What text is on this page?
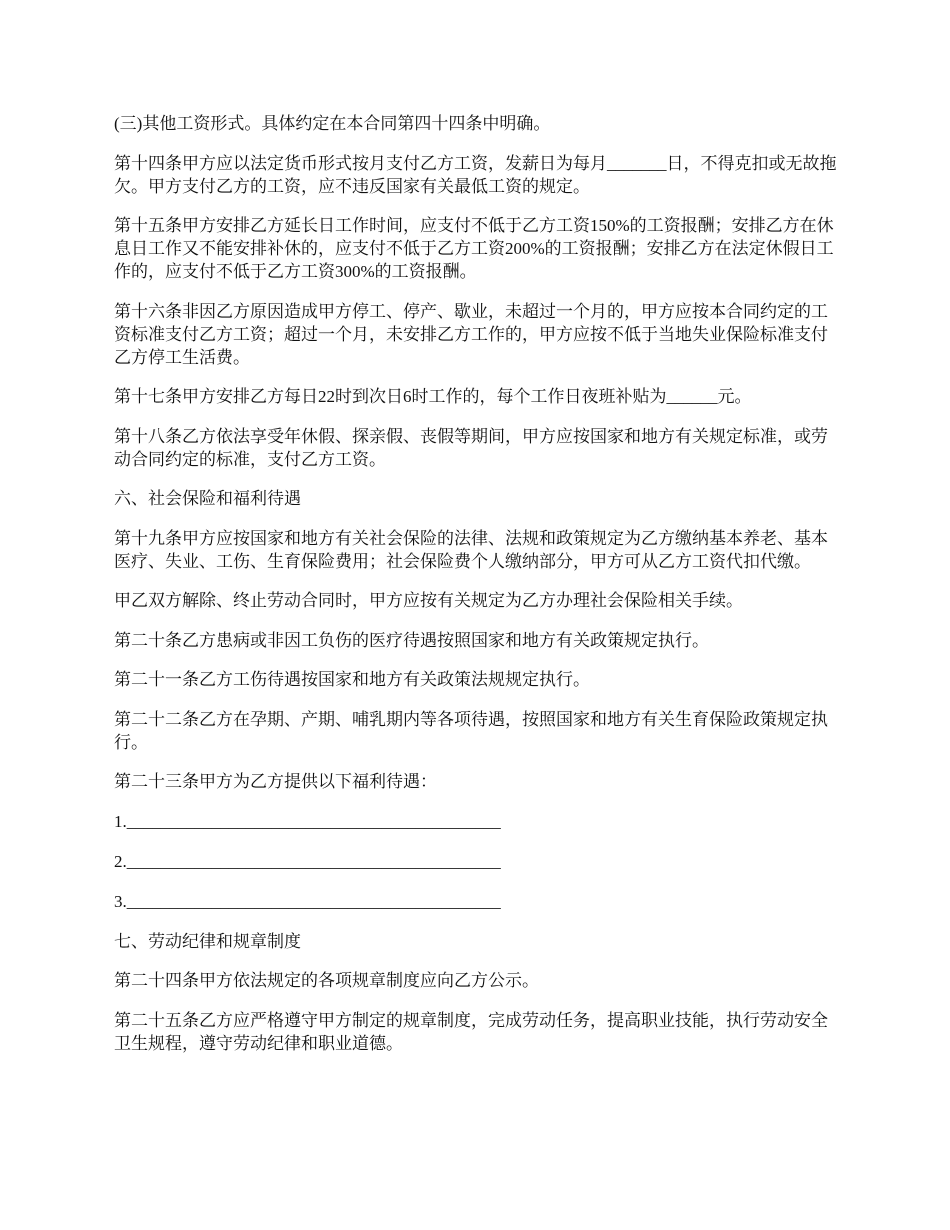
(三)其他工资形式。具体约定在本合同第四十四条中明确。

第十四条甲方应以法定货币形式按月支付乙方工资，发薪日为每月_______日，不得克扣或无故拖欠。甲方支付乙方的工资，应不违反国家有关最低工资的规定。

第十五条甲方安排乙方延长日工作时间，应支付不低于乙方工资150%的工资报酬；安排乙方在休息日工作又不能安排补休的，应支付不低于乙方工资200%的工资报酬；安排乙方在法定休假日工作的，应支付不低于乙方工资300%的工资报酬。

第十六条非因乙方原因造成甲方停工、停产、歇业，未超过一个月的，甲方应按本合同约定的工资标准支付乙方工资；超过一个月，未安排乙方工作的，甲方应按不低于当地失业保险标准支付乙方停工生活费。

第十七条甲方安排乙方每日22时到次日6时工作的，每个工作日夜班补贴为______元。

第十八条乙方依法享受年休假、探亲假、丧假等期间，甲方应按国家和地方有关规定标准，或劳动合同约定的标准，支付乙方工资。

六、社会保险和福利待遇

第十九条甲方应按国家和地方有关社会保险的法律、法规和政策规定为乙方缴纳基本养老、基本医疗、失业、工伤、生育保险费用；社会保险费个人缴纳部分，甲方可从乙方工资代扣代缴。

甲乙双方解除、终止劳动合同时，甲方应按有关规定为乙方办理社会保险相关手续。

第二十条乙方患病或非因工负伤的医疗待遇按照国家和地方有关政策规定执行。

第二十一条乙方工伤待遇按国家和地方有关政策法规规定执行。

第二十二条乙方在孕期、产期、哺乳期内等各项待遇，按照国家和地方有关生育保险政策规定执行。

第二十三条甲方为乙方提供以下福利待遇：

1.____________________________________________

2.____________________________________________

3.____________________________________________

七、劳动纪律和规章制度

第二十四条甲方依法规定的各项规章制度应向乙方公示。

第二十五条乙方应严格遵守甲方制定的规章制度，完成劳动任务，提高职业技能，执行劳动安全卫生规程，遵守劳动纪律和职业道德。
